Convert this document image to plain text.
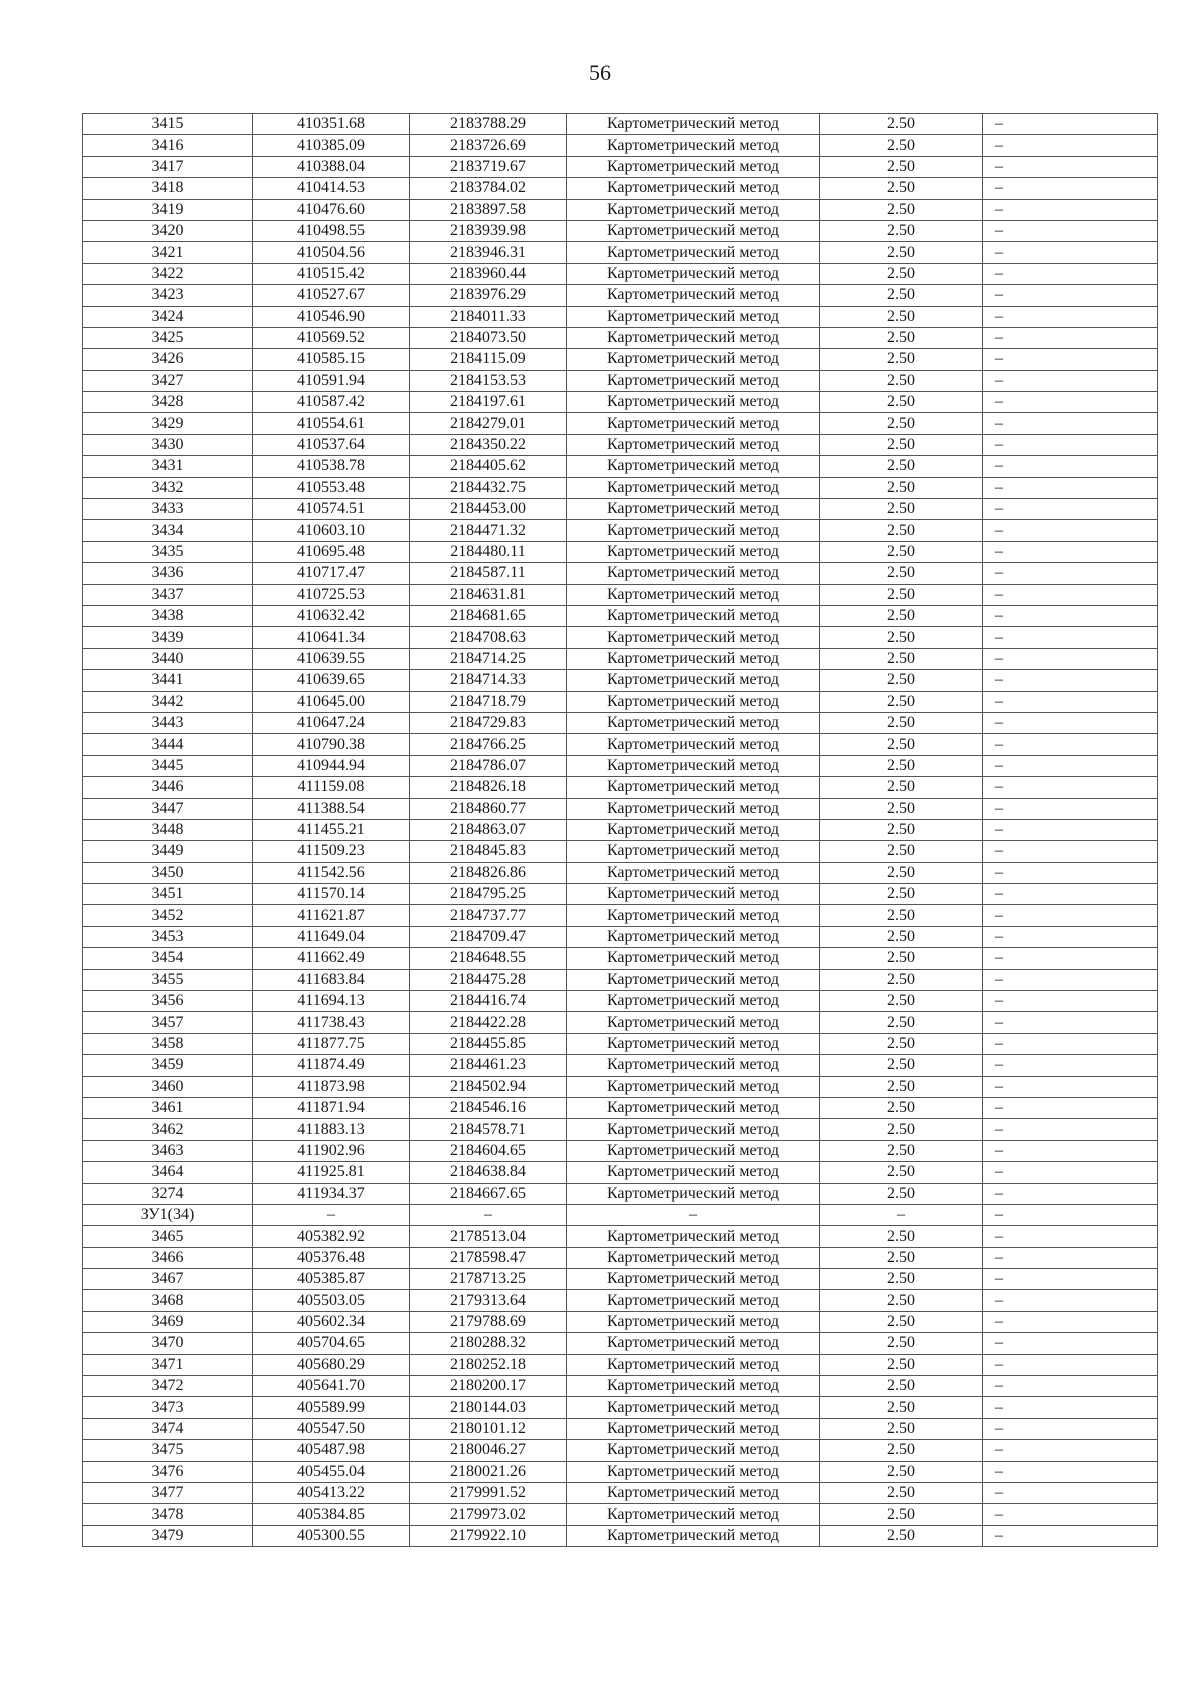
56
3415	410351.68	2183788.29	Картометрический метод	2.50	–
3416	410385.09	2183726.69	Картометрический метод	2.50	–
3417	410388.04	2183719.67	Картометрический метод	2.50	–
3418	410414.53	2183784.02	Картометрический метод	2.50	–
3419	410476.60	2183897.58	Картометрический метод	2.50	–
3420	410498.55	2183939.98	Картометрический метод	2.50	–
3421	410504.56	2183946.31	Картометрический метод	2.50	–
3422	410515.42	2183960.44	Картометрический метод	2.50	–
3423	410527.67	2183976.29	Картометрический метод	2.50	–
3424	410546.90	2184011.33	Картометрический метод	2.50	–
3425	410569.52	2184073.50	Картометрический метод	2.50	–
3426	410585.15	2184115.09	Картометрический метод	2.50	–
3427	410591.94	2184153.53	Картометрический метод	2.50	–
3428	410587.42	2184197.61	Картометрический метод	2.50	–
3429	410554.61	2184279.01	Картометрический метод	2.50	–
3430	410537.64	2184350.22	Картометрический метод	2.50	–
3431	410538.78	2184405.62	Картометрический метод	2.50	–
3432	410553.48	2184432.75	Картометрический метод	2.50	–
3433	410574.51	2184453.00	Картометрический метод	2.50	–
3434	410603.10	2184471.32	Картометрический метод	2.50	–
3435	410695.48	2184480.11	Картометрический метод	2.50	–
3436	410717.47	2184587.11	Картометрический метод	2.50	–
3437	410725.53	2184631.81	Картометрический метод	2.50	–
3438	410632.42	2184681.65	Картометрический метод	2.50	–
3439	410641.34	2184708.63	Картометрический метод	2.50	–
3440	410639.55	2184714.25	Картометрический метод	2.50	–
3441	410639.65	2184714.33	Картометрический метод	2.50	–
3442	410645.00	2184718.79	Картометрический метод	2.50	–
3443	410647.24	2184729.83	Картометрический метод	2.50	–
3444	410790.38	2184766.25	Картометрический метод	2.50	–
3445	410944.94	2184786.07	Картометрический метод	2.50	–
3446	411159.08	2184826.18	Картометрический метод	2.50	–
3447	411388.54	2184860.77	Картометрический метод	2.50	–
3448	411455.21	2184863.07	Картометрический метод	2.50	–
3449	411509.23	2184845.83	Картометрический метод	2.50	–
3450	411542.56	2184826.86	Картометрический метод	2.50	–
3451	411570.14	2184795.25	Картометрический метод	2.50	–
3452	411621.87	2184737.77	Картометрический метод	2.50	–
3453	411649.04	2184709.47	Картометрический метод	2.50	–
3454	411662.49	2184648.55	Картометрический метод	2.50	–
3455	411683.84	2184475.28	Картометрический метод	2.50	–
3456	411694.13	2184416.74	Картометрический метод	2.50	–
3457	411738.43	2184422.28	Картометрический метод	2.50	–
3458	411877.75	2184455.85	Картометрический метод	2.50	–
3459	411874.49	2184461.23	Картометрический метод	2.50	–
3460	411873.98	2184502.94	Картометрический метод	2.50	–
3461	411871.94	2184546.16	Картометрический метод	2.50	–
3462	411883.13	2184578.71	Картометрический метод	2.50	–
3463	411902.96	2184604.65	Картометрический метод	2.50	–
3464	411925.81	2184638.84	Картометрический метод	2.50	–
3274	411934.37	2184667.65	Картометрический метод	2.50	–
ЗУ1(34)	–	–	–	–	–
3465	405382.92	2178513.04	Картометрический метод	2.50	–
3466	405376.48	2178598.47	Картометрический метод	2.50	–
3467	405385.87	2178713.25	Картометрический метод	2.50	–
3468	405503.05	2179313.64	Картометрический метод	2.50	–
3469	405602.34	2179788.69	Картометрический метод	2.50	–
3470	405704.65	2180288.32	Картометрический метод	2.50	–
3471	405680.29	2180252.18	Картометрический метод	2.50	–
3472	405641.70	2180200.17	Картометрический метод	2.50	–
3473	405589.99	2180144.03	Картометрический метод	2.50	–
3474	405547.50	2180101.12	Картометрический метод	2.50	–
3475	405487.98	2180046.27	Картометрический метод	2.50	–
3476	405455.04	2180021.26	Картометрический метод	2.50	–
3477	405413.22	2179991.52	Картометрический метод	2.50	–
3478	405384.85	2179973.02	Картометрический метод	2.50	–
3479	405300.55	2179922.10	Картометрический метод	2.50	–
